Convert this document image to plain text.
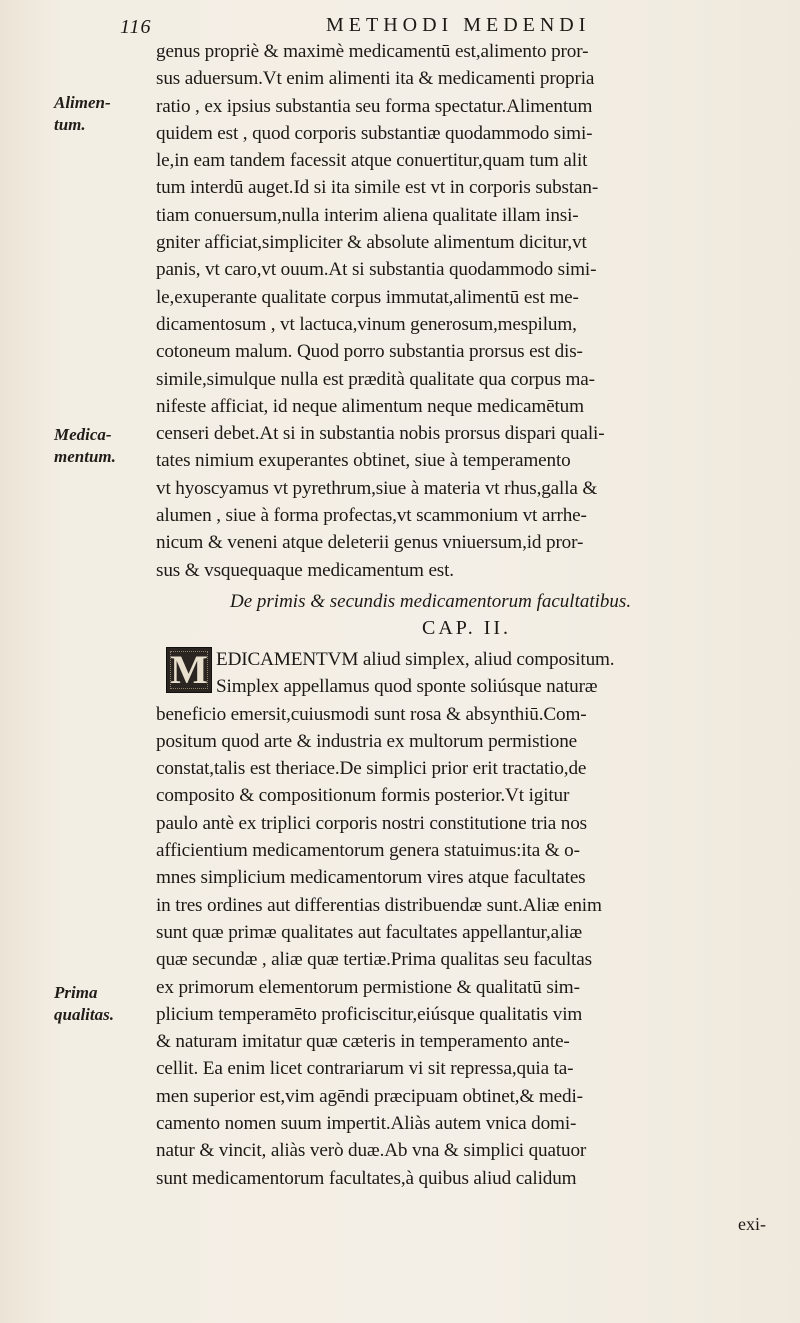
116	METHODI MEDENDI
Alimen-
tum.
Medica-
mentum.
Prima
qualitas.
genus propriè & maximè medicamentū est,alimento pror-
sus aduersum.Vt enim alimenti ita & medicamenti propria
ratio , ex ipsius substantia seu forma spectatur.Alimentum
quidem est , quod corporis substantiæ quodammodo simi-
le,in eam tandem facessit atque conuertitur,quam tum alit
tum interdū auget.Id si ita simile est vt in corporis substan-
tiam conuersum,nulla interim aliena qualitate illam insi-
gniter afficiat,simpliciter & absolute alimentum dicitur,vt
panis, vt caro,vt ouum.At si substantia quodammodo simi-
le,exuperante qualitate corpus immutat,alimentū est me-
dicamentosum , vt lactuca,vinum generosum,mespilum,
cotoneum malum. Quod porro substantia prorsus est dis-
simile,simulque nulla est prædità qualitate qua corpus ma-
nifeste afficiat, id neque alimentum neque medicamētum
censeri debet.At si in substantia nobis prorsus dispari quali-
tates nimium exuperantes obtinet, siue à temperamento
vt hyoscyamus vt pyrethrum,siue à materia vt rhus,galla &
alumen , siue à forma profectas,vt scammonium vt arrhe-
nicum & veneni atque deleterii genus vniuersum,id pror-
sus & vsquequaque medicamentum est.
De primis & secundis medicamentorum facultatibus.
CAP. II.
M EDICAMENTVM aliud simplex, aliud compositum.
Simplex appellamus quod sponte soliúsque naturæ
beneficio emersit,cuiusmodi sunt rosa & absynthiū.Com-
positum quod arte & industria ex multorum permistione
constat,talis est theriace.De simplici prior erit tractatio,de
composito & compositionum formis posterior.Vt igitur
paulo antè ex triplici corporis nostri constitutione tria nos
afficientium medicamentorum genera statuimus:ita & o-
mnes simplicium medicamentorum vires atque facultates
in tres ordines aut differentias distribuendæ sunt.Aliæ enim
sunt quæ primæ qualitates aut facultates appellantur,aliæ
quæ secundæ , aliæ quæ tertiæ.Prima qualitas seu facultas
ex primorum elementorum permistione & qualitatū sim-
plicium temperamēto proficiscitur,eiúsque qualitatis vim
& naturam imitatur quæ cæteris in temperamento ante-
cellit. Ea enim licet contrariarum vi sit repressa,quia ta-
men superior est,vim agēndi præcipuam obtinet,& medi-
camento nomen suum impertit.Aliàs autem vnica domi-
natur & vincit, aliàs verò duæ.Ab vna & simplici quatuor
sunt medicamentorum facultates,à quibus aliud calidum
exi-
